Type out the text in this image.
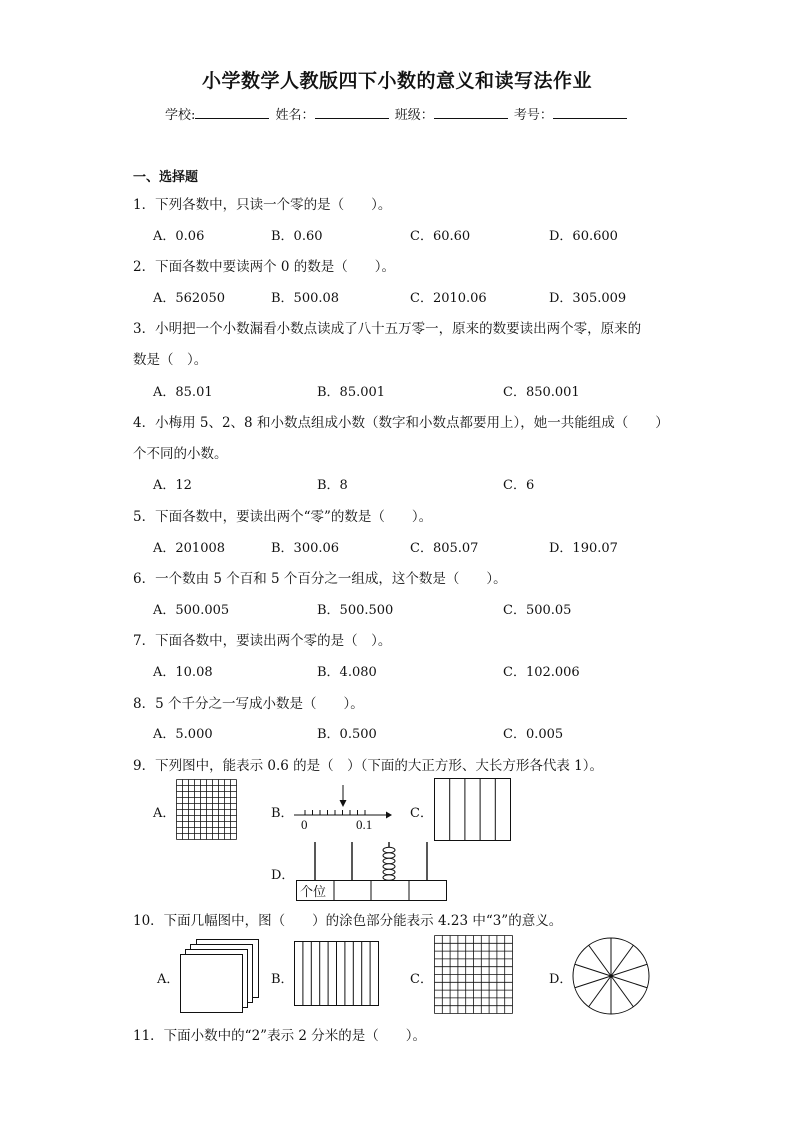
小学数学人教版四下小数的意义和读写法作业
学校:	姓名：	班级：	考号：
一、选择题
1．下列各数中，只读一个零的是（　　）。
A．0.06	B．0.60	C．60.60	D．60.600
2．下面各数中要读两个 0 的数是（　　）。
A．562050	B．500.08	C．2010.06	D．305.009
3．小明把一个小数漏看小数点读成了八十五万零一，原来的数要读出两个零，原来的
数是（　）。
A．85.01	B．85.001	C．850.001
4．小梅用 5、2、8 和小数点组成小数（数字和小数点都要用上），她一共能组成（　　）
个不同的小数。
A．12	B．8	C．6
5．下面各数中，要读出两个“零”的数是（　　）。
A．201008	B．300.06	C．805.07	D．190.07
6．一个数由 5 个百和 5 个百分之一组成，这个数是（　　）。
A．500.005	B．500.500	C．500.05
7．下面各数中，要读出两个零的是（　）。
A．10.08	B．4.080	C．102.006
8．5 个千分之一写成小数是（　　）。
A．5.000	B．0.500	C．0.005
9．下列图中，能表示 0.6 的是（　）（下面的大正方形、大长方形各代表 1）。
A．	B．	C．
D．
0	0.1
个位
10．下面几幅图中，图（　　）的涂色部分能表示 4.23 中“3”的意义。
A．	B．	C．	D．
11．下面小数中的“2”表示 2 分米的是（　　）。
